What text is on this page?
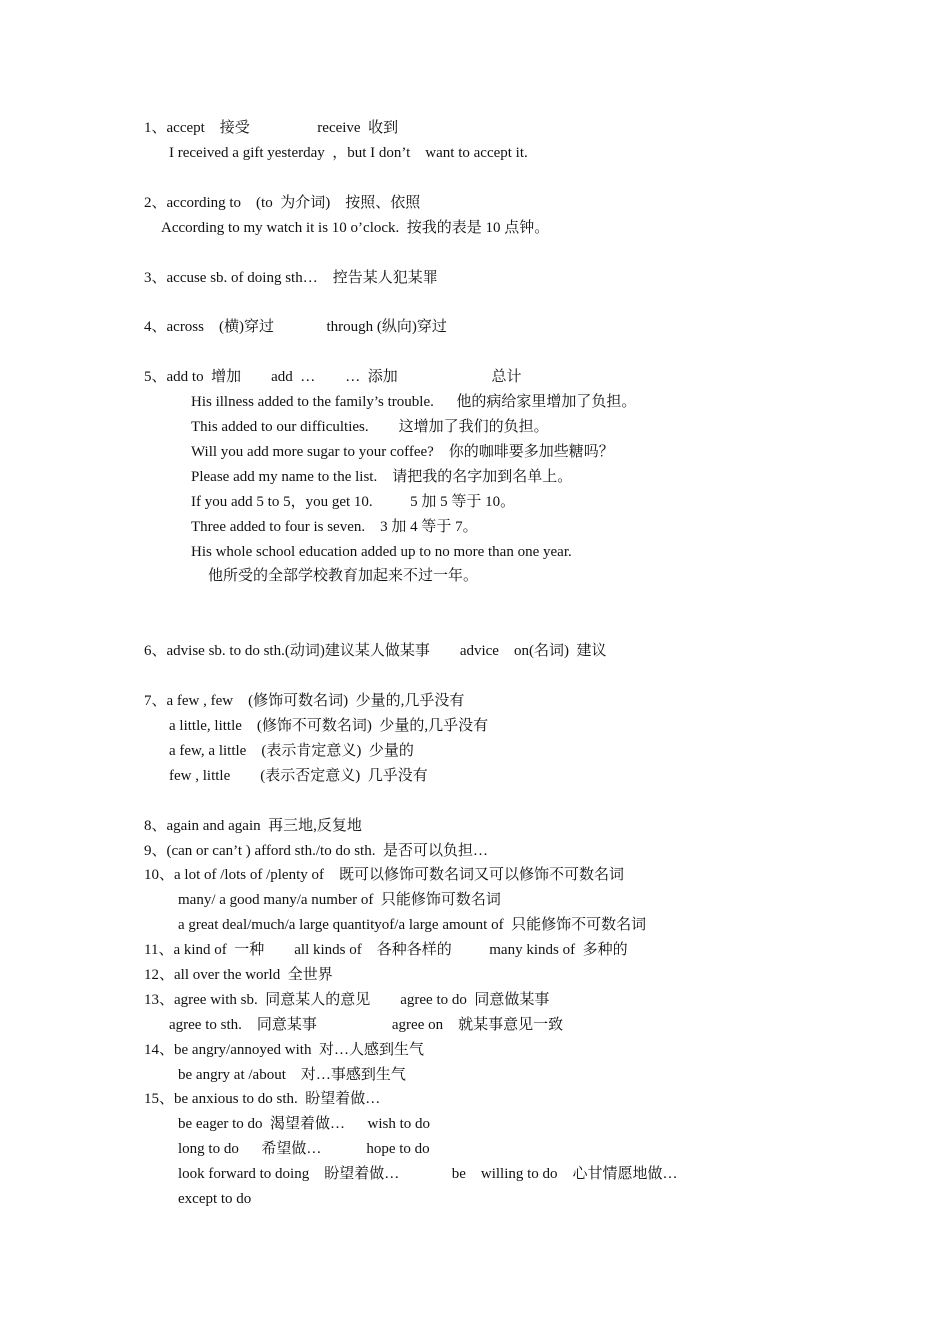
1、accept    接受                  receive  收到
I received a gift yesterday  ，but I don’t    want to accept it.
2、according to    (to  为介词)    按照、依照
According to my watch it is 10 o’clock.  按我的表是 10 点钟。
3、accuse sb. of doing sth…    控告某人犯某罪
4、across    (横)穿过              through (纵向)穿过
5、add to  增加        add  …        …  添加                         总计
His illness added to the family’s trouble.      他的病给家里增加了负担。
This added to our difficulties.        这增加了我们的负担。
Will you add more sugar to your coffee?    你的咖啡要多加些糖吗？
Please add my name to the list.    请把我的名字加到名单上。
If you add 5 to 5，you get 10.          5 加 5 等于 10。
Three added to four is seven.    3 加 4 等于 7。
His whole school education added up to no more than one year.
他所受的全部学校教育加起来不过一年。
6、advise sb. to do sth.(动词)建议某人做某事        advice    on(名词)  建议
7、a few , few    (修饰可数名词)  少量的,几乎没有
a little, little    (修饰不可数名词)  少量的,几乎没有
a few, a little    (表示肯定意义)  少量的
few , little        (表示否定意义)  几乎没有
8、again and again  再三地,反复地
9、(can or can’t ) afford sth./to do sth.  是否可以负担…
10、a lot of /lots of /plenty of    既可以修饰可数名词又可以修饰不可数名词
many/ a good many/a number of  只能修饰可数名词
a great deal/much/a large quantityof/a large amount of  只能修饰不可数名词
11、a kind of  一种        all kinds of    各种各样的          many kinds of  多种的
12、all over the world  全世界
13、agree with sb.  同意某人的意见        agree to do  同意做某事
agree to sth.    同意某事                    agree on    就某事意见一致
14、be angry/annoyed with  对…人感到生气
be angry at /about    对…事感到生气
15、be anxious to do sth.  盼望着做…
be eager to do  渴望着做…      wish to do
long to do      希望做…            hope to do
look forward to doing    盼望着做…              be    willing to do    心甘情愿地做…
except to do
